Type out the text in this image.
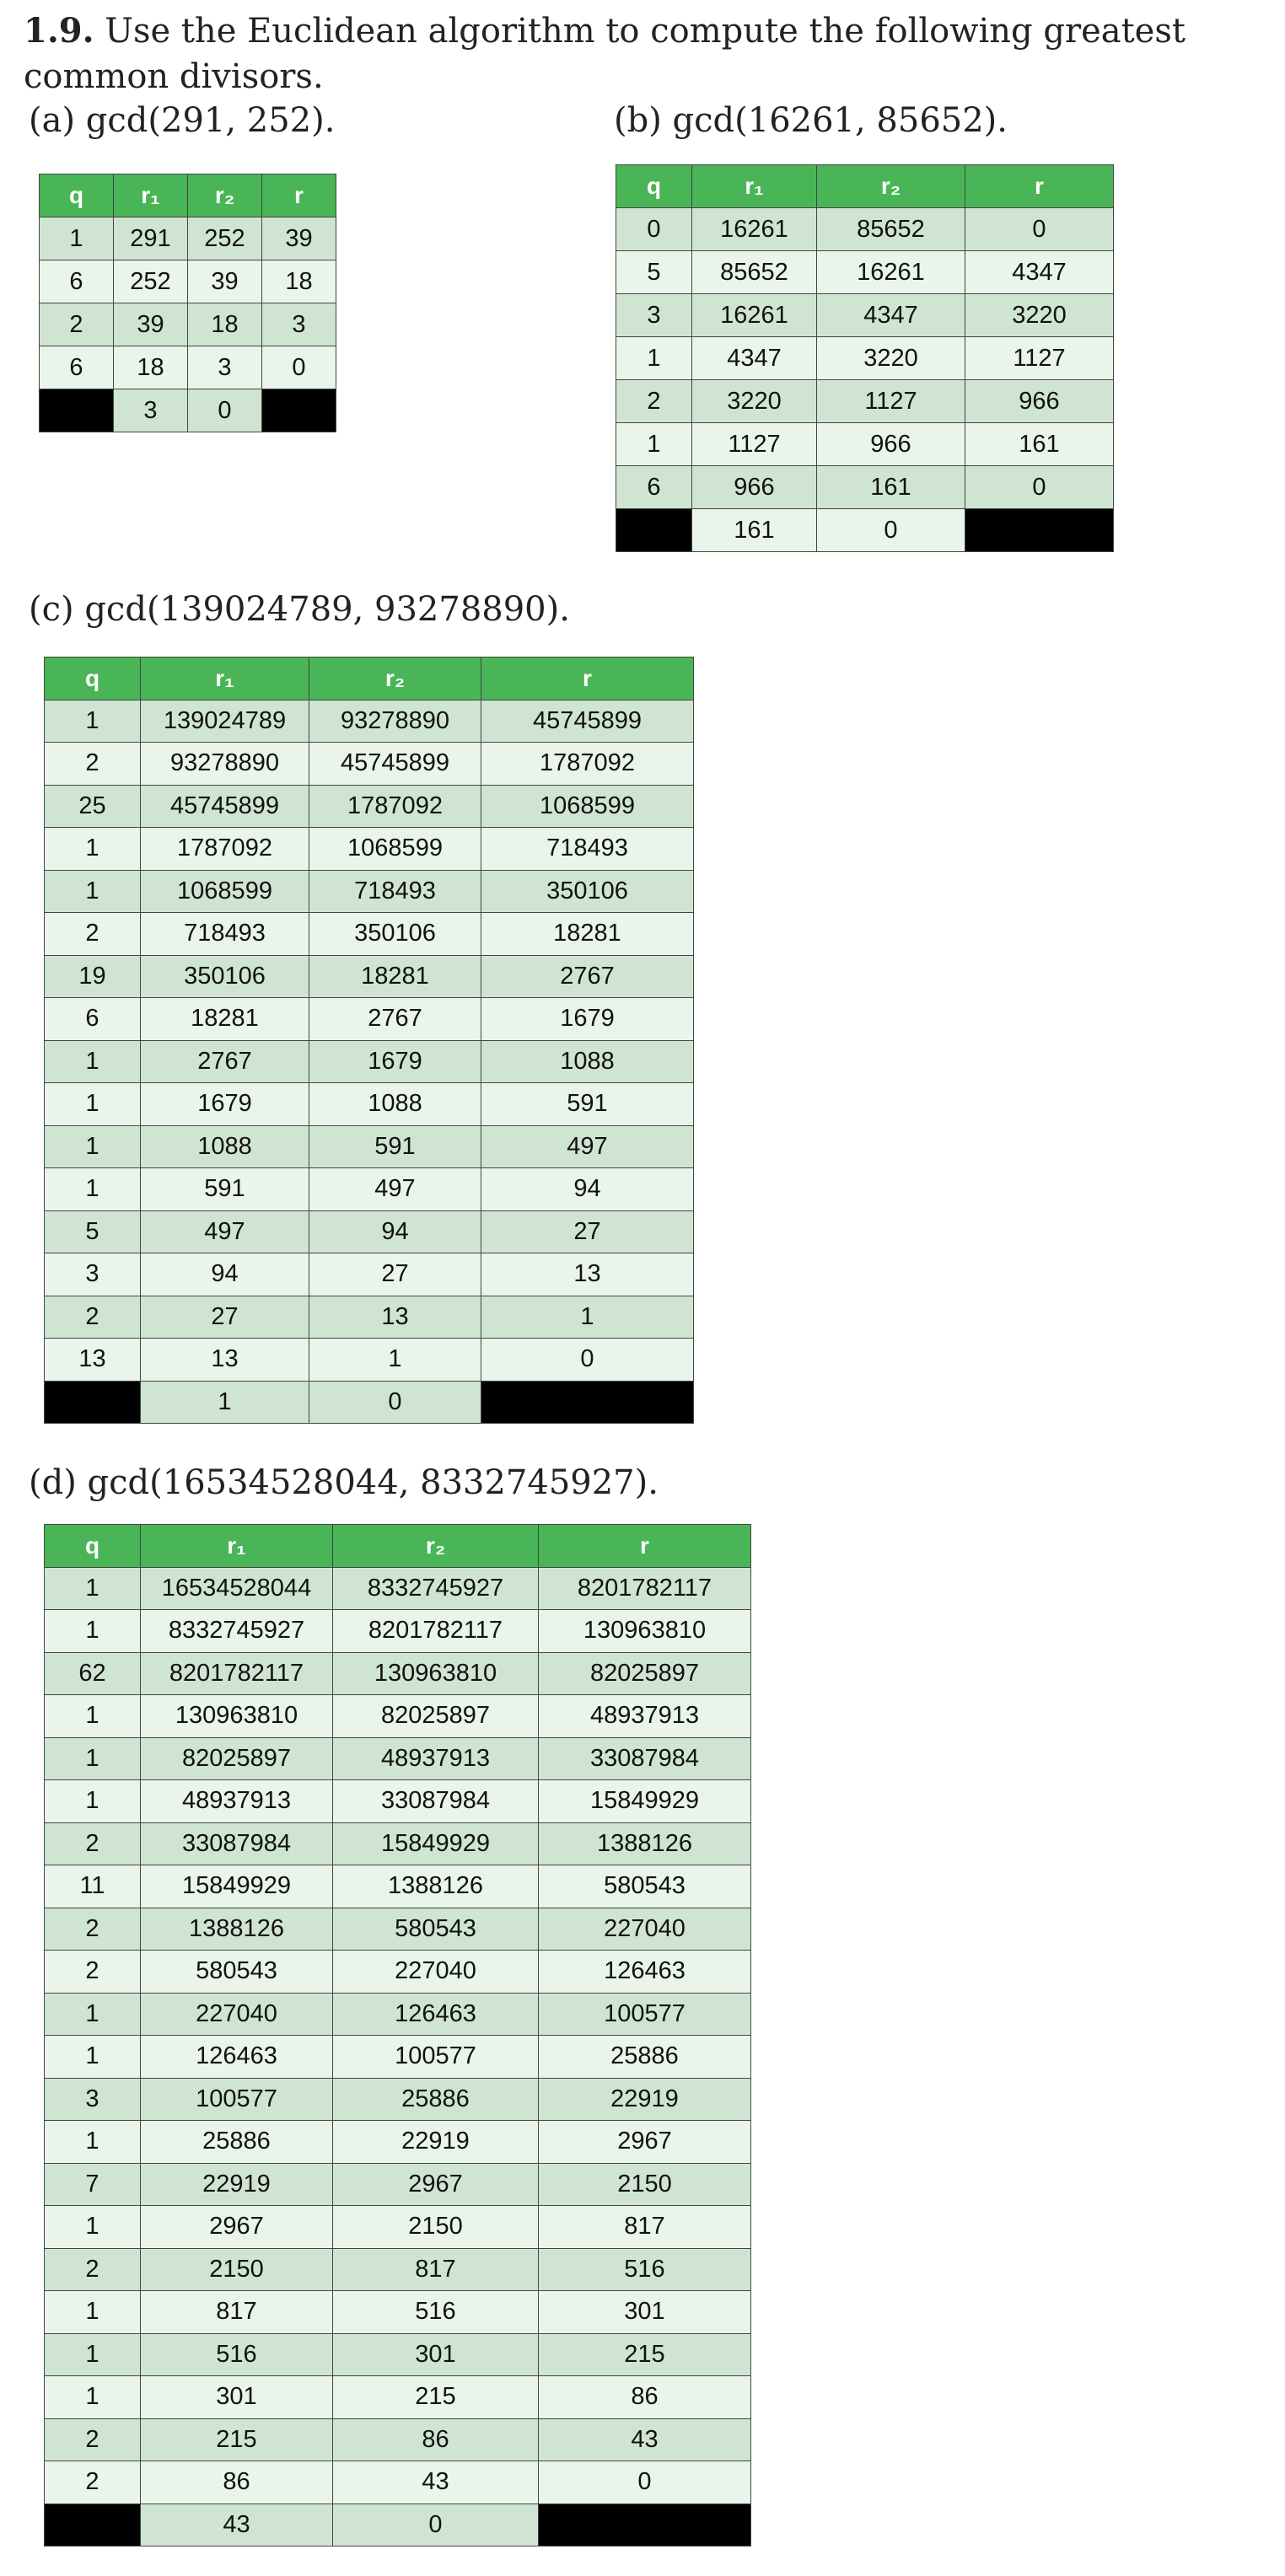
1.9. Use the Euclidean algorithm to compute the following greatest common divisors.
(a) gcd(291, 252).
q	r₁	r₂	r
1	291	252	39
6	252	39	18
2	39	18	3
6	18	3	0
	3	0	
(b) gcd(16261, 85652).
q	r₁	r₂	r
0	16261	85652	0
5	85652	16261	4347
3	16261	4347	3220
1	4347	3220	1127
2	3220	1127	966
1	1127	966	161
6	966	161	0
	161	0	
(c) gcd(139024789, 93278890).
q	r₁	r₂	r
1	139024789	93278890	45745899
2	93278890	45745899	1787092
25	45745899	1787092	1068599
1	1787092	1068599	718493
1	1068599	718493	350106
2	718493	350106	18281
19	350106	18281	2767
6	18281	2767	1679
1	2767	1679	1088
1	1679	1088	591
1	1088	591	497
1	591	497	94
5	497	94	27
3	94	27	13
2	27	13	1
13	13	1	0
	1	0	
(d) gcd(16534528044, 8332745927).
q	r₁	r₂	r
1	16534528044	8332745927	8201782117
1	8332745927	8201782117	130963810
62	8201782117	130963810	82025897
1	130963810	82025897	48937913
1	82025897	48937913	33087984
1	48937913	33087984	15849929
2	33087984	15849929	1388126
11	15849929	1388126	580543
2	1388126	580543	227040
2	580543	227040	126463
1	227040	126463	100577
1	126463	100577	25886
3	100577	25886	22919
1	25886	22919	2967
7	22919	2967	2150
1	2967	2150	817
2	2150	817	516
1	817	516	301
1	516	301	215
1	301	215	86
2	215	86	43
2	86	43	0
	43	0	
